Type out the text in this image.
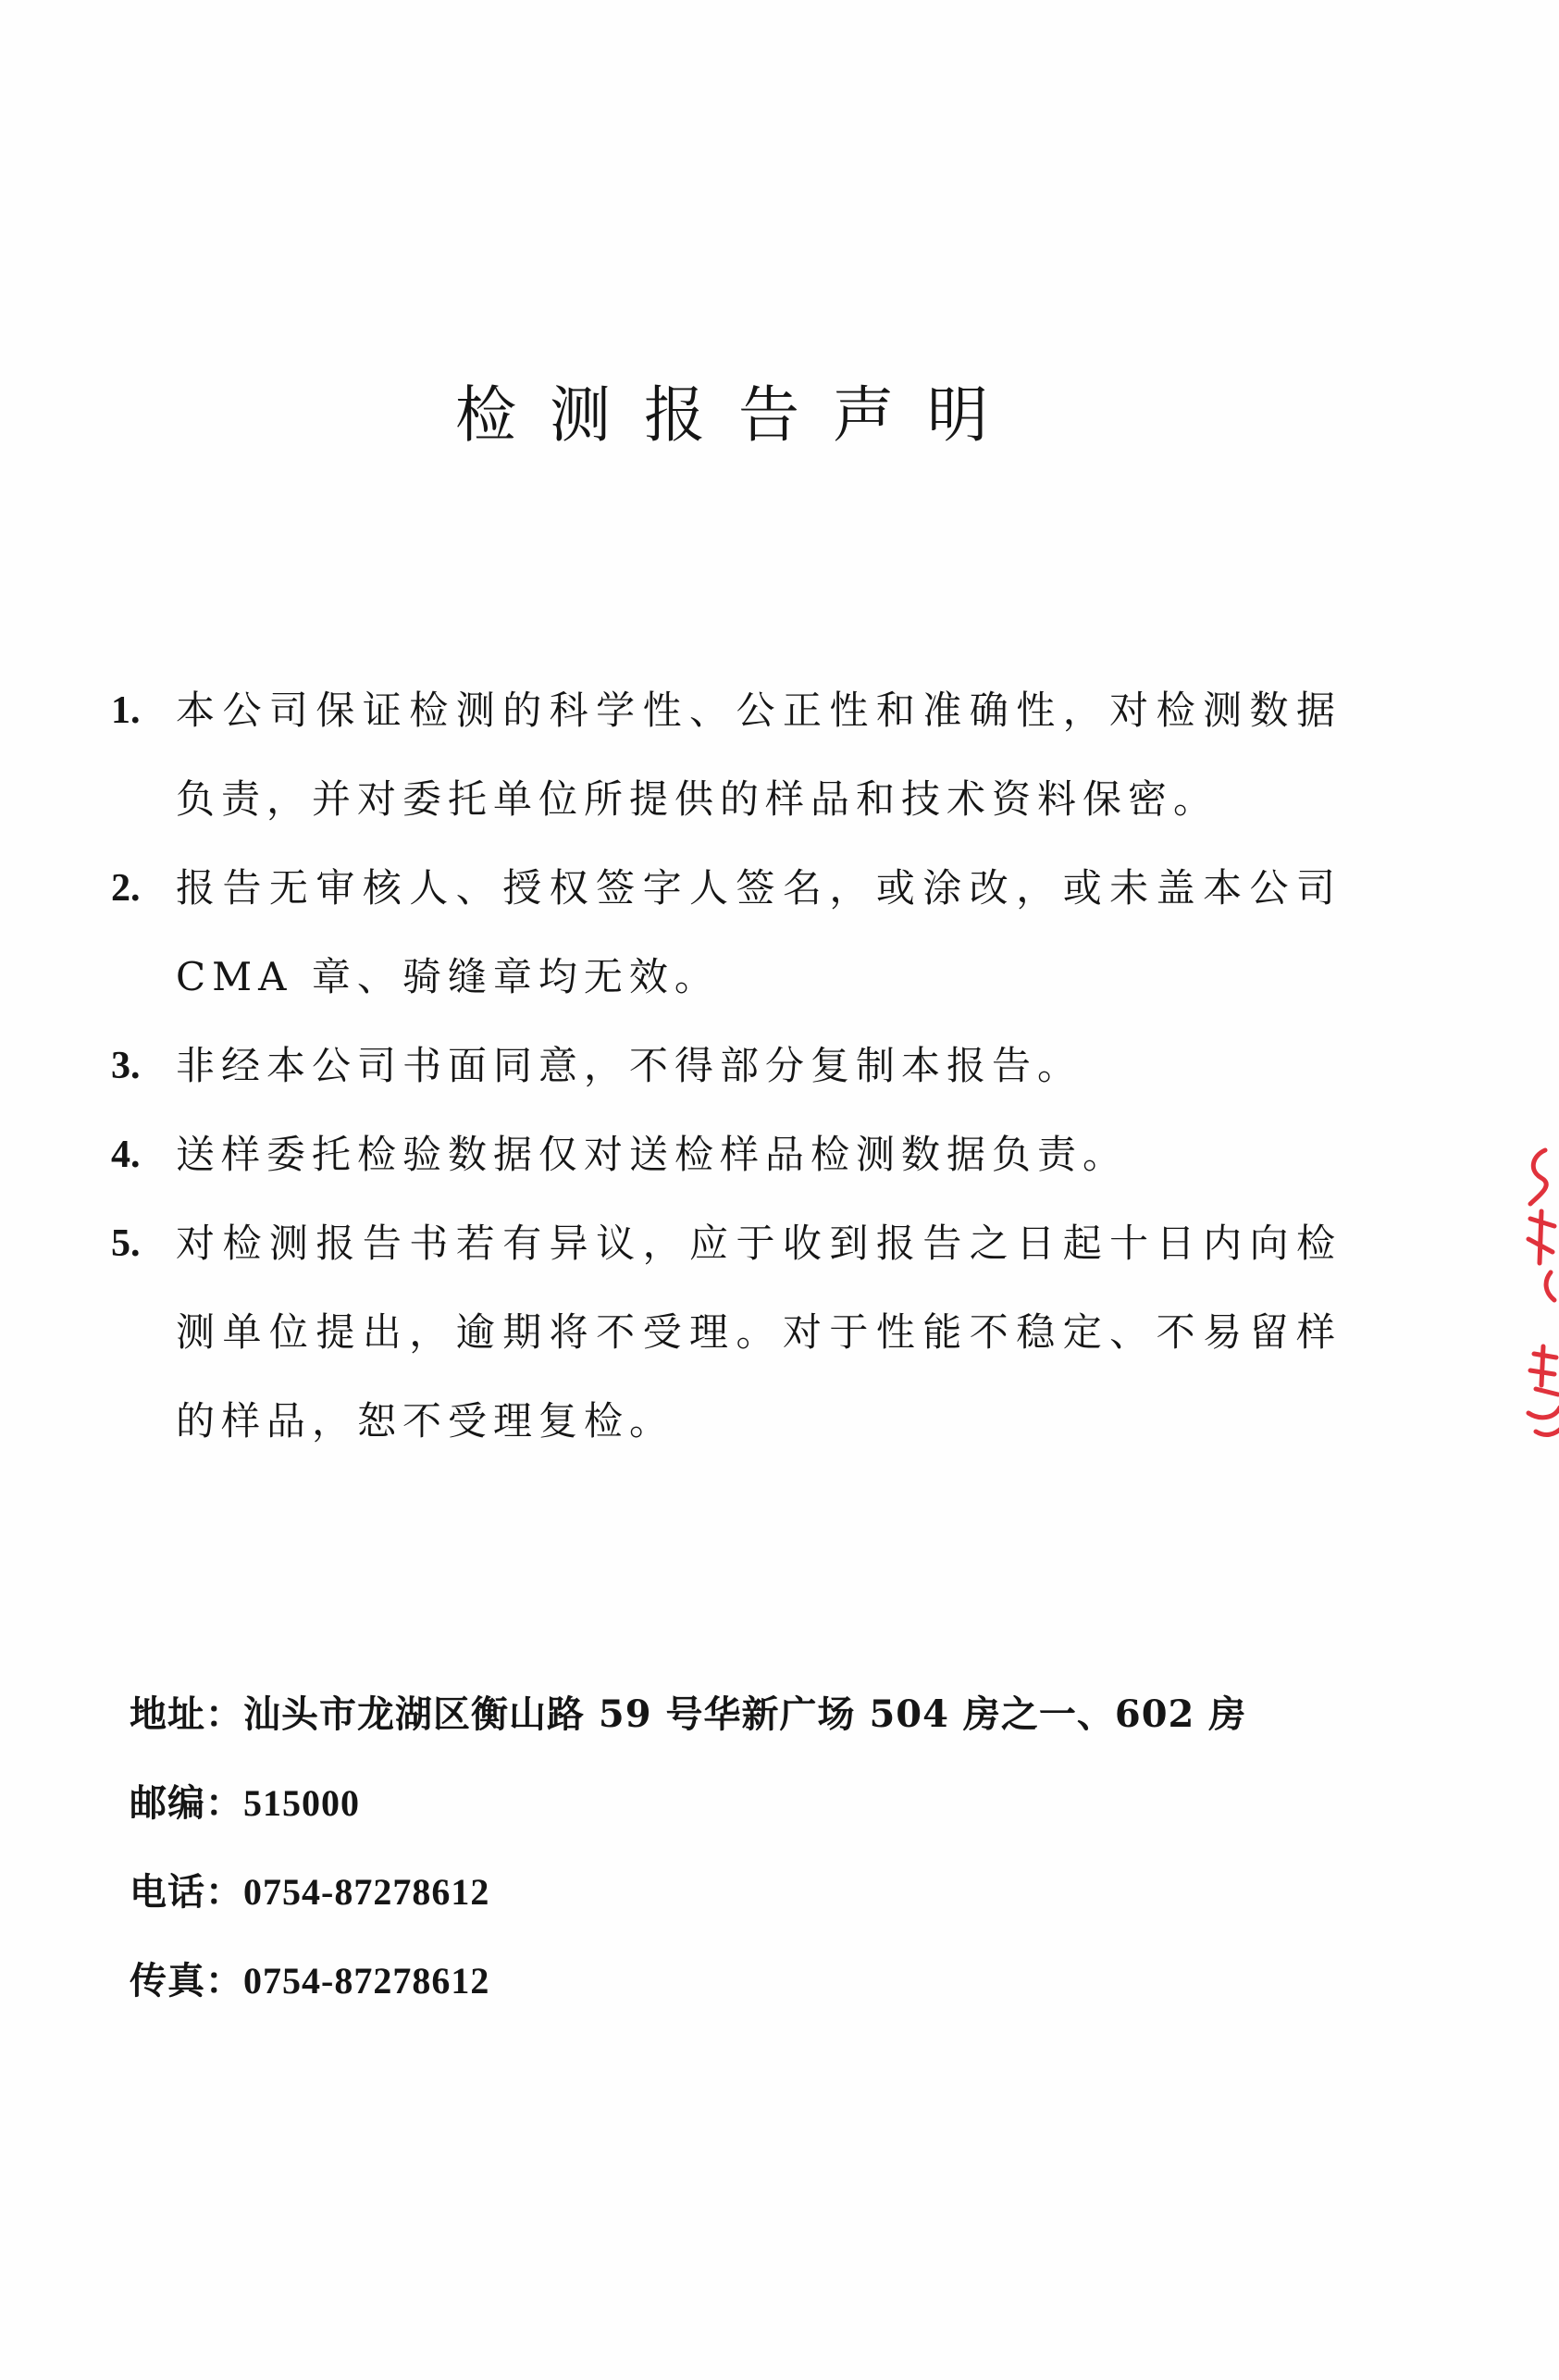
检测报告声明
1. 本公司保证检测的科学性、公正性和准确性，对检测数据负责，并对委托单位所提供的样品和技术资料保密。
2. 报告无审核人、授权签字人签名，或涂改，或未盖本公司 CMA 章、骑缝章均无效。
3. 非经本公司书面同意，不得部分复制本报告。
4. 送样委托检验数据仅对送检样品检测数据负责。
5. 对检测报告书若有异议，应于收到报告之日起十日内向检测单位提出，逾期将不受理。对于性能不稳定、不易留样的样品，恕不受理复检。
地址：汕头市龙湖区衡山路 59 号华新广场 504 房之一、602 房
邮编：515000
电话：0754-87278612
传真：0754-87278612
